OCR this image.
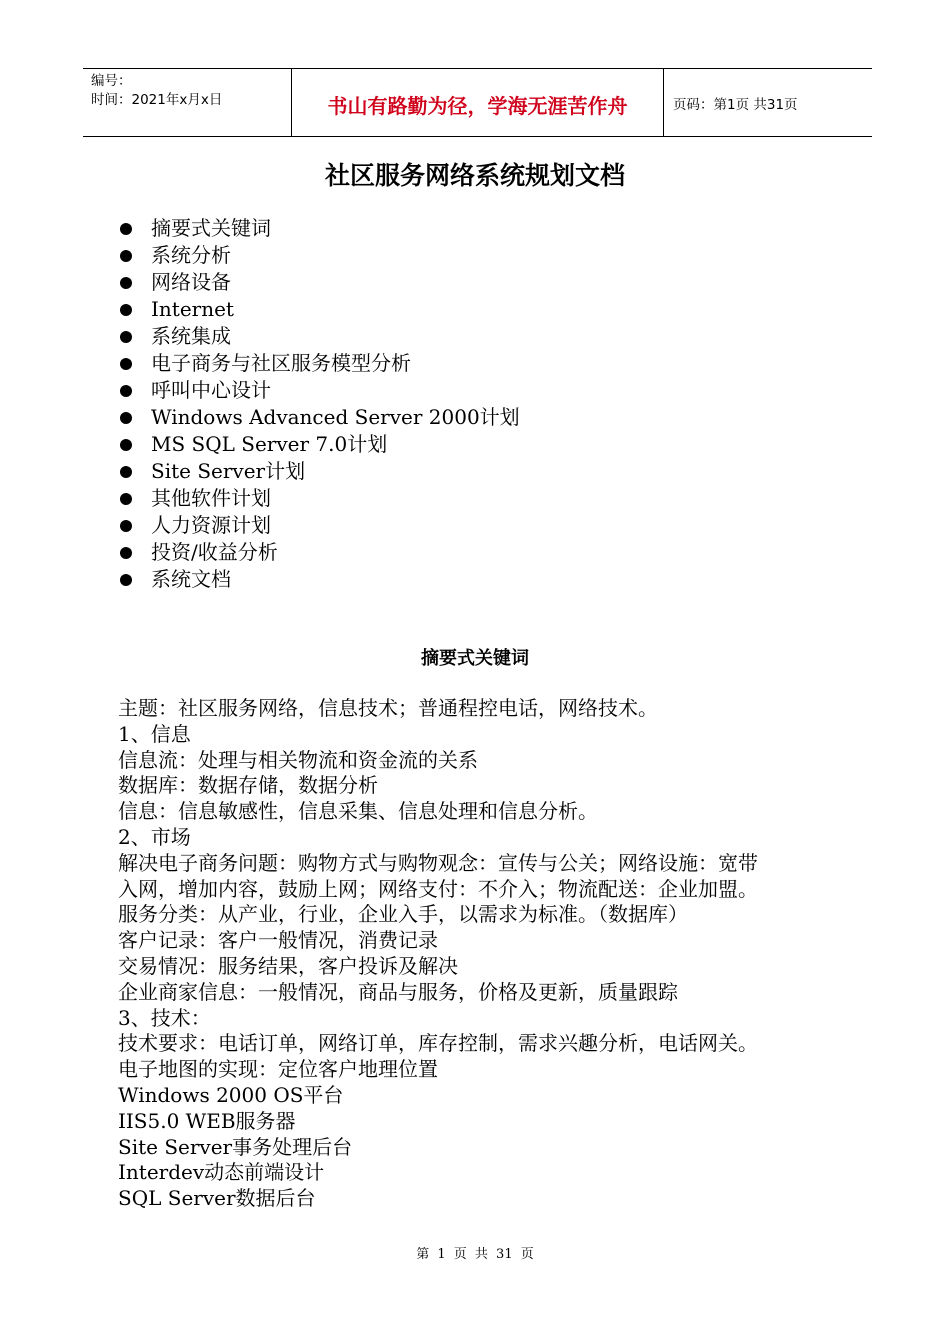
编号：
时间：2021年x月x日	书山有路勤为径，学海无涯苦作舟	页码：第1页 共31页
社区服务网络系统规划文档
摘要式关键词
系统分析
网络设备
Internet
系统集成
电子商务与社区服务模型分析
呼叫中心设计
Windows Advanced Server 2000计划
MS SQL Server 7.0计划
Site Server计划
其他软件计划
人力资源计划
投资/收益分析
系统文档
摘要式关键词

主题：社区服务网络，信息技术；普通程控电话，网络技术。

1、信息

信息流：处理与相关物流和资金流的关系

数据库：数据存储，数据分析

信息：信息敏感性，信息采集、信息处理和信息分析。

2、市场

解决电子商务问题：购物方式与购物观念：宣传与公关；网络设施：宽带

入网，增加内容，鼓励上网；网络支付：不介入；物流配送：企业加盟。

服务分类：从产业，行业，企业入手，以需求为标准。（数据库）

客户记录：客户一般情况，消费记录

交易情况：服务结果，客户投诉及解决

企业商家信息：一般情况，商品与服务，价格及更新，质量跟踪

3、技术：

技术要求：电话订单，网络订单，库存控制，需求兴趣分析，电话网关。

电子地图的实现：定位客户地理位置

Windows 2000 OS平台

IIS5.0 WEB服务器

Site Server事务处理后台

Interdev动态前端设计

SQL Server数据后台

第 1 页 共 31 页
